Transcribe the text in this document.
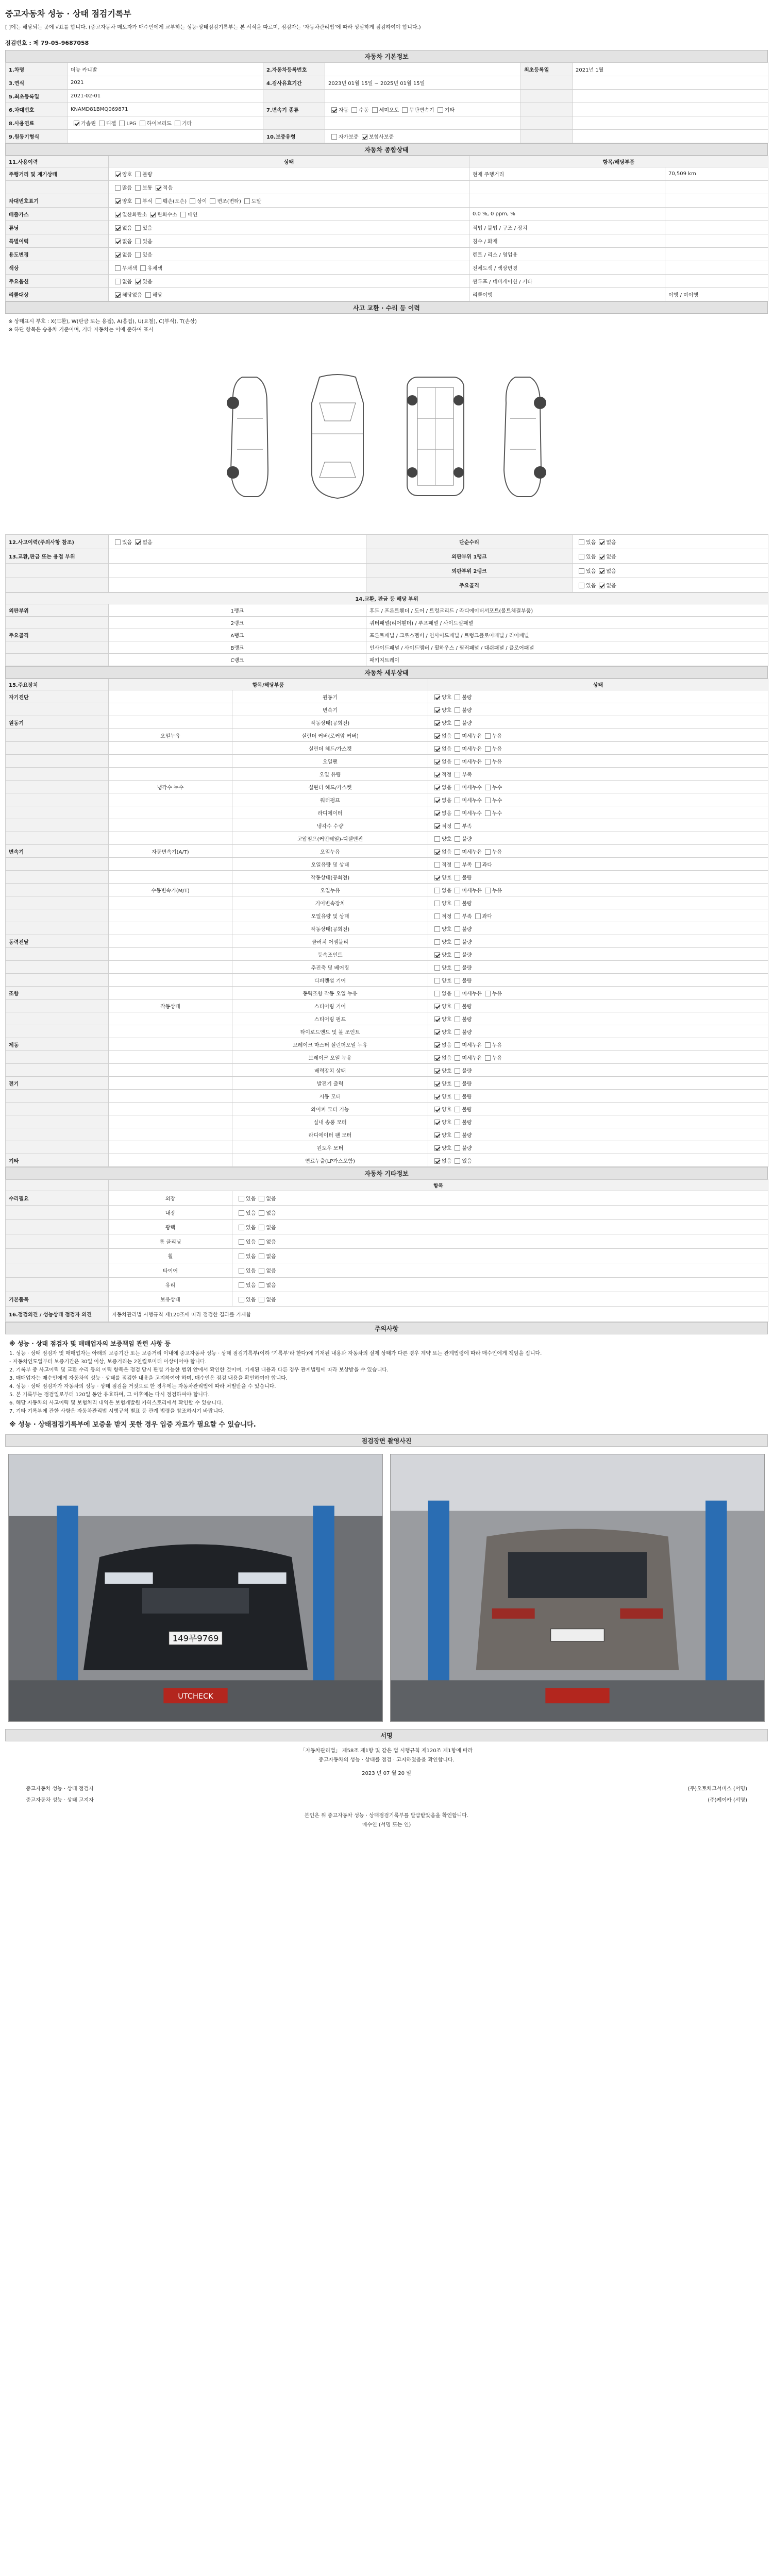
중고자동차 성능 · 상태 점검기록부
[ ]에는 해당되는 곳에 √표를 합니다. (중고자동차 매도자가 매수인에게 교부하는 성능·상태점검기록부는 본 서식을 따르며, 점검자는 ‘자동차관리법’에 따라 성실하게 점검하여야 합니다.)
점검번호 : 제 79-05-9687058
자동차 기본정보
1.차명	더뉴 카니발	2.자동차등록번호		최초등록일	2021년 1월
3.연식	2021	4.검사유효기간	2023년 01월 15일 ~ 2025년 01월 15일		
5.최초등록일	2021-02-01				
6.차대번호	KNAMD81BMQ069871	7.변속기 종류	자동 수동 세미오토 무단변속기 기타		
8.사용연료	가솔린 디젤 LPG 하이브리드 기타				
9.원동기형식		10.보증유형	자가보증 보험사보증		
자동차 종합상태
11.사용이력	상태	항목/해당부품	
주행거리 및 계기상태	양호 불량	현재 주행거리	70,509 km
	많음 보통 적음		
차대번호표기	양호 부식 훼손(오손) 상이 변조(변타) 도말		
배출가스	일산화탄소 탄화수소 매연	0.0 %, 0 ppm, %	
튜닝	없음 있음	적법 / 불법 / 구조 / 장치	
특별이력	없음 있음	침수 / 화재	
용도변경	없음 있음	렌트 / 리스 / 영업용	
색상	무채색 유채색	전체도색 / 색상변경	
주요옵션	없음 있음	썬루프 / 네비게이션 / 기타	
리콜대상	해당없음 해당	리콜이행	이행 / 미이행
사고 교환 · 수리 등 이력
※ 상태표시 부호 : X(교환), W(판금 또는 용접), A(흠집), U(요철), C(부식), T(손상)
※ 하단 항목은 승용차 기준이며, 기타 자동차는 이에 준하여 표시
12.사고이력(주의사항 참조)	있음 없음	단순수리	있음 없음
13.교환,판금 또는 용접 부위		외판부위 1랭크	있음 없음
		외판부위 2랭크	있음 없음
		주요골격	있음 없음
14.교환, 판금 등 해당 부위		
외판부위	1랭크	후드 / 프론트휀더 / 도어 / 트렁크리드 / 라디에이터서포트(볼트체결부품)
	2랭크	쿼터패널(리어휀더) / 루프패널 / 사이드실패널
주요골격	A랭크	프론트패널 / 크로스멤버 / 인사이드패널 / 트렁크플로어패널 / 리어패널
	B랭크	인사이드패널 / 사이드멤버 / 휠하우스 / 필러패널 / 대쉬패널 / 플로어패널
	C랭크	패키지트레이
자동차 세부상태
15.주요장치	항목/해당부품		상태
자기진단		원동기	양호 불량
		변속기	양호 불량
원동기		작동상태(공회전)	양호 불량
	오일누유	실린더 커버(로커암 커버)	없음 미세누유 누유
		실린더 헤드/가스켓	없음 미세누유 누유
		오일팬	없음 미세누유 누유
		오일 유량	적정 부족
	냉각수 누수	실린더 헤드/가스켓	없음 미세누수 누수
		워터펌프	없음 미세누수 누수
		라디에이터	없음 미세누수 누수
		냉각수 수량	적정 부족
		고압펌프(커먼레일)-디젤엔진	양호 불량
변속기	자동변속기(A/T)	오일누유	없음 미세누유 누유
		오일유량 및 상태	적정 부족 과다
		작동상태(공회전)	양호 불량
	수동변속기(M/T)	오일누유	없음 미세누유 누유
		기어변속장치	양호 불량
		오일유량 및 상태	적정 부족 과다
		작동상태(공회전)	양호 불량
동력전달		클러치 어셈블리	양호 불량
		등속조인트	양호 불량
		추진축 및 베어링	양호 불량
		디퍼렌셜 기어	양호 불량
조향		동력조향 작동 오일 누유	없음 미세누유 누유
	작동상태	스티어링 기어	양호 불량
		스티어링 펌프	양호 불량
		타이로드엔드 및 볼 조인트	양호 불량
제동		브레이크 마스터 실린더오일 누유	없음 미세누유 누유
		브레이크 오일 누유	없음 미세누유 누유
		배력장치 상태	양호 불량
전기		발전기 출력	양호 불량
		시동 모터	양호 불량
		와이퍼 모터 기능	양호 불량
		실내 송풍 모터	양호 불량
		라디에이터 팬 모터	양호 불량
		윈도우 모터	양호 불량
기타		연료누출(LP가스포함)	없음 있음
자동차 기타정보
	항목	
수리필요	외장	있음 없음
	내장	있음 없음
	광택	있음 없음
	룸 클리닝	있음 없음
	휠	있음 없음
	타이어	있음 없음
	유리	있음 없음
기본품목	보유상태	있음 없음
16.점검의견 / 성능상태 점검자 의견	자동차관리법 시행규칙 제120조에 따라 점검한 결과를 기재함	
주의사항
※ 성능 · 상태 점검자 및 매매업자의 보증책임 관련 사항 등
1. 성능 · 상태 점검자 및 매매업자는 아래의 보증기간 또는 보증거리 이내에 중고자동차 성능 · 상태 점검기록부(이하 ‘기록부’라 한다)에 기재된 내용과 자동차의 실제 상태가 다른 경우 계약 또는 관계법령에 따라 매수인에게 책임을 집니다.
- 자동차인도일부터 보증기간은 30일 이상, 보증거리는 2천킬로미터 이상이어야 합니다.
2. 기록부 중 사고이력 및 교환 수리 등의 이력 항목은 점검 당시 판별 가능한 범위 안에서 확인한 것이며, 기재된 내용과 다른 경우 관계법령에 따라 보상받을 수 있습니다.
3. 매매업자는 매수인에게 자동차의 성능 · 상태를 점검한 내용을 고지하여야 하며, 매수인은 점검 내용을 확인하여야 합니다.
4. 성능 · 상태 점검자가 자동차의 성능 · 상태 점검을 거짓으로 한 경우에는 자동차관리법에 따라 처벌받을 수 있습니다.
5. 본 기록부는 점검일로부터 120일 동안 유효하며, 그 이후에는 다시 점검하여야 합니다.
6. 해당 자동차의 사고이력 및 보험처리 내역은 보험개발원 카히스토리에서 확인할 수 있습니다.
7. 기타 기록부에 관한 사항은 자동차관리법 시행규칙 별표 등 관계 법령을 참조하시기 바랍니다.
※ 성능 · 상태점검기록부에 보증을 받지 못한 경우 입증 자료가 필요할 수 있습니다.
점검장면 촬영사진
149무9769
UTCHECK
서명
「자동차관리법」 제58조 제1항 및 같은 법 시행규칙 제120조 제1항에 따라
중고자동차의 성능 · 상태를 점검 · 고지하였음을 확인합니다.
2023 년 07 월 20 일
중고자동차 성능 · 상태 점검자	(주)오토체크서비스 (서명)
중고자동차 성능 · 상태 고지자	(주)케이카 (서명)
본인은 위 중고자동차 성능 · 상태점검기록부를 발급받았음을 확인합니다.
매수인 (서명 또는 인)
